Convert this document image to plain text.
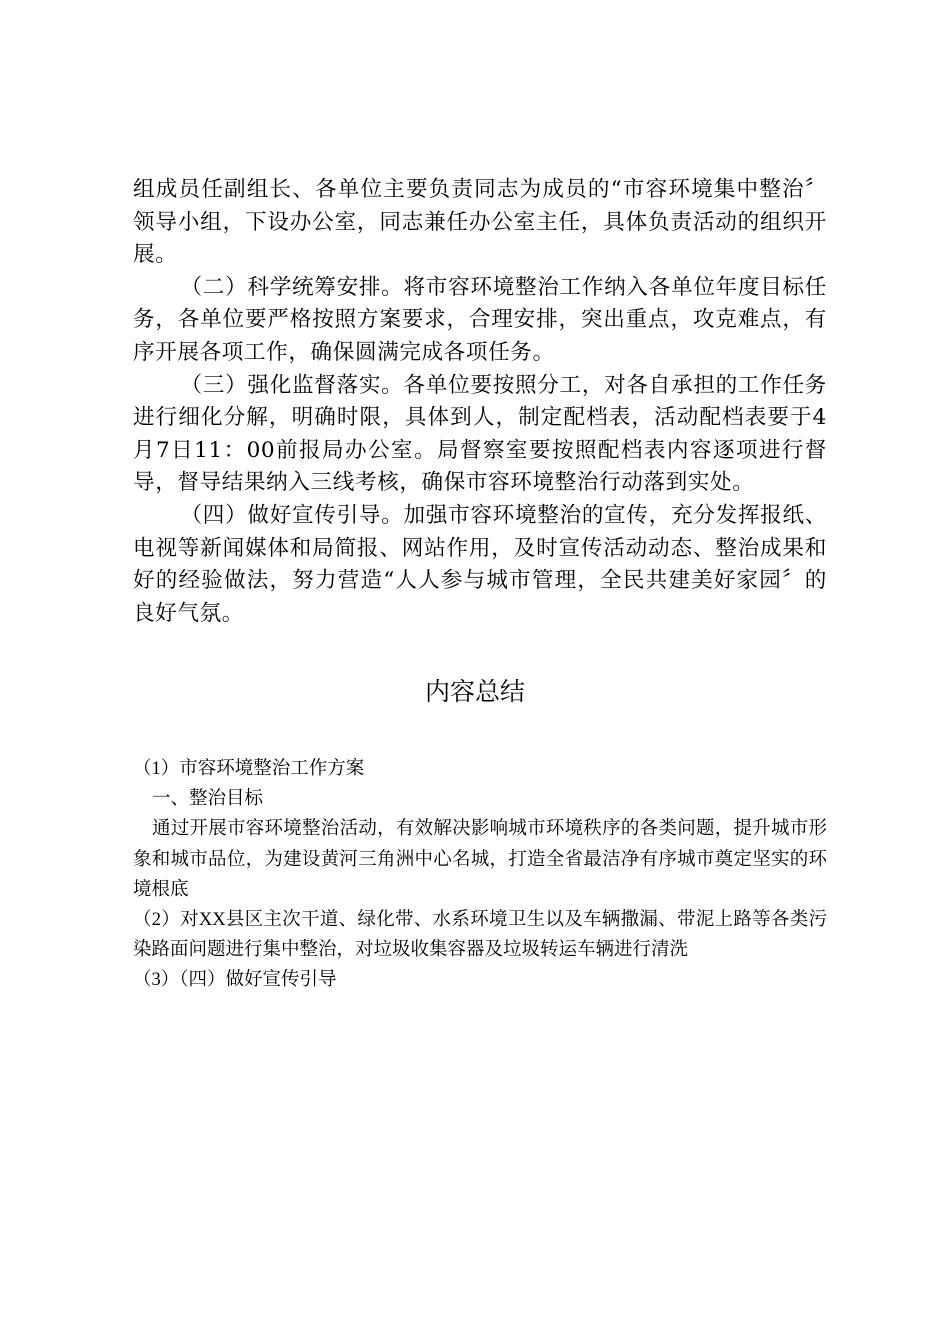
组成员任副组长、各单位主要负责同志为成员的“市容环境集中整治〞领导小组，下设办公室，同志兼任办公室主任，具体负责活动的组织开展。

（二）科学统筹安排。将市容环境整治工作纳入各单位年度目标任务，各单位要严格按照方案要求，合理安排，突出重点，攻克难点，有序开展各项工作，确保圆满完成各项任务。

（三）强化监督落实。各单位要按照分工，对各自承担的工作任务进行细化分解，明确时限，具体到人，制定配档表，活动配档表要于4月7日11：00前报局办公室。局督察室要按照配档表内容逐项进行督导，督导结果纳入三线考核，确保市容环境整治行动落到实处。

（四）做好宣传引导。加强市容环境整治的宣传，充分发挥报纸、电视等新闻媒体和局简报、网站作用，及时宣传活动动态、整治成果和好的经验做法，努力营造“人人参与城市管理，全民共建美好家园〞的良好气氛。

内容总结

（1）市容环境整治工作方案

一、整治目标

通过开展市容环境整治活动，有效解决影响城市环境秩序的各类问题，提升城市形象和城市品位，为建设黄河三角洲中心名城，打造全省最洁净有序城市奠定坚实的环境根底

（2）对XX县区主次干道、绿化带、水系环境卫生以及车辆撒漏、带泥上路等各类污染路面问题进行集中整治，对垃圾收集容器及垃圾转运车辆进行清洗

（3）（四）做好宣传引导
